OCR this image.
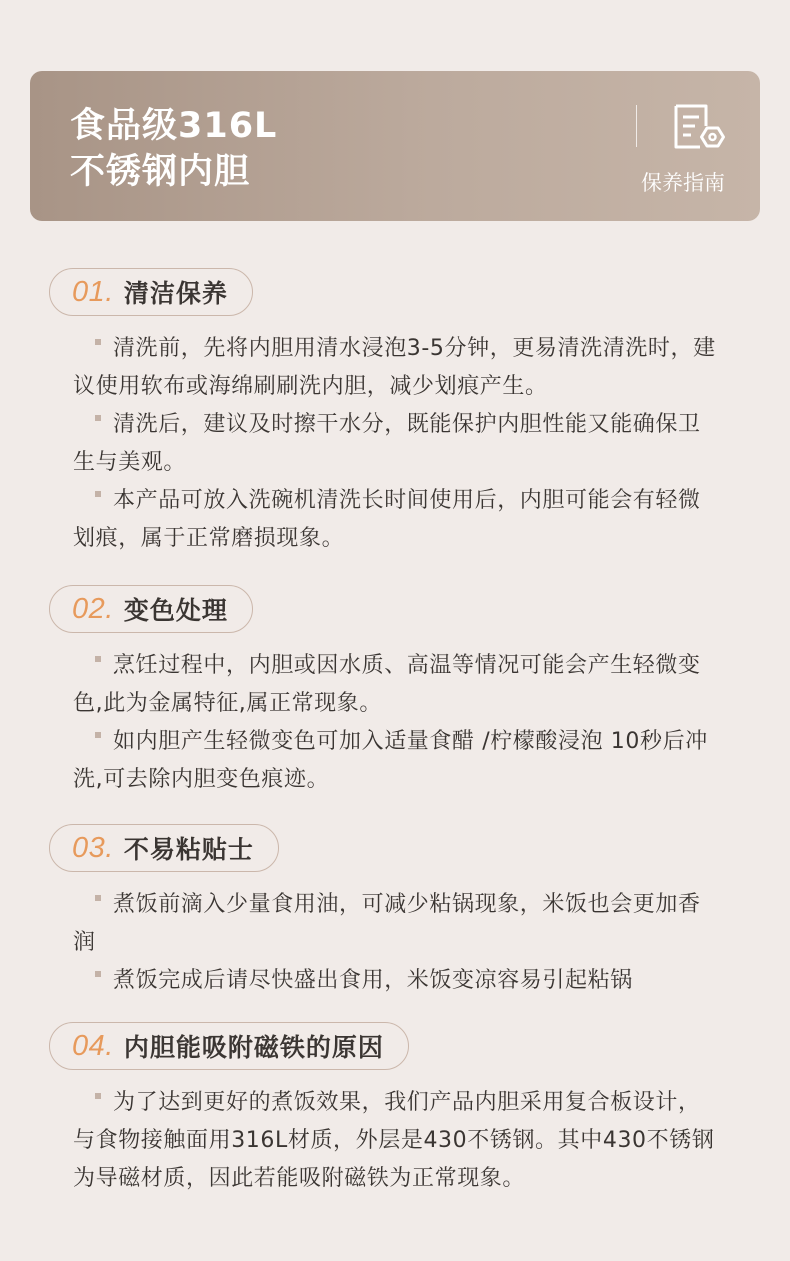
食品级316L
不锈钢内胆	保养指南
01. 清洁保养

清洗前，先将内胆用清水浸泡3-5分钟，更易清洗清洗时，建议使用软布或海绵刷刷洗内胆，减少划痕产生。

清洗后，建议及时擦干水分，既能保护内胆性能又能确保卫生与美观。

本产品可放入洗碗机清洗长时间使用后，内胆可能会有轻微划痕，属于正常磨损现象。

02. 变色处理

烹饪过程中，内胆或因水质、高温等情况可能会产生轻微变色,此为金属特征,属正常现象。

如内胆产生轻微变色可加入适量食醋 /柠檬酸浸泡 10秒后冲洗,可去除内胆变色痕迹。

03. 不易粘贴士

煮饭前滴入少量食用油，可减少粘锅现象，米饭也会更加香润

煮饭完成后请尽快盛出食用，米饭变凉容易引起粘锅

04. 内胆能吸附磁铁的原因

为了达到更好的煮饭效果，我们产品内胆采用复合板设计，与食物接触面用316L材质，外层是430不锈钢。其中430不锈钢为导磁材质，因此若能吸附磁铁为正常现象。
